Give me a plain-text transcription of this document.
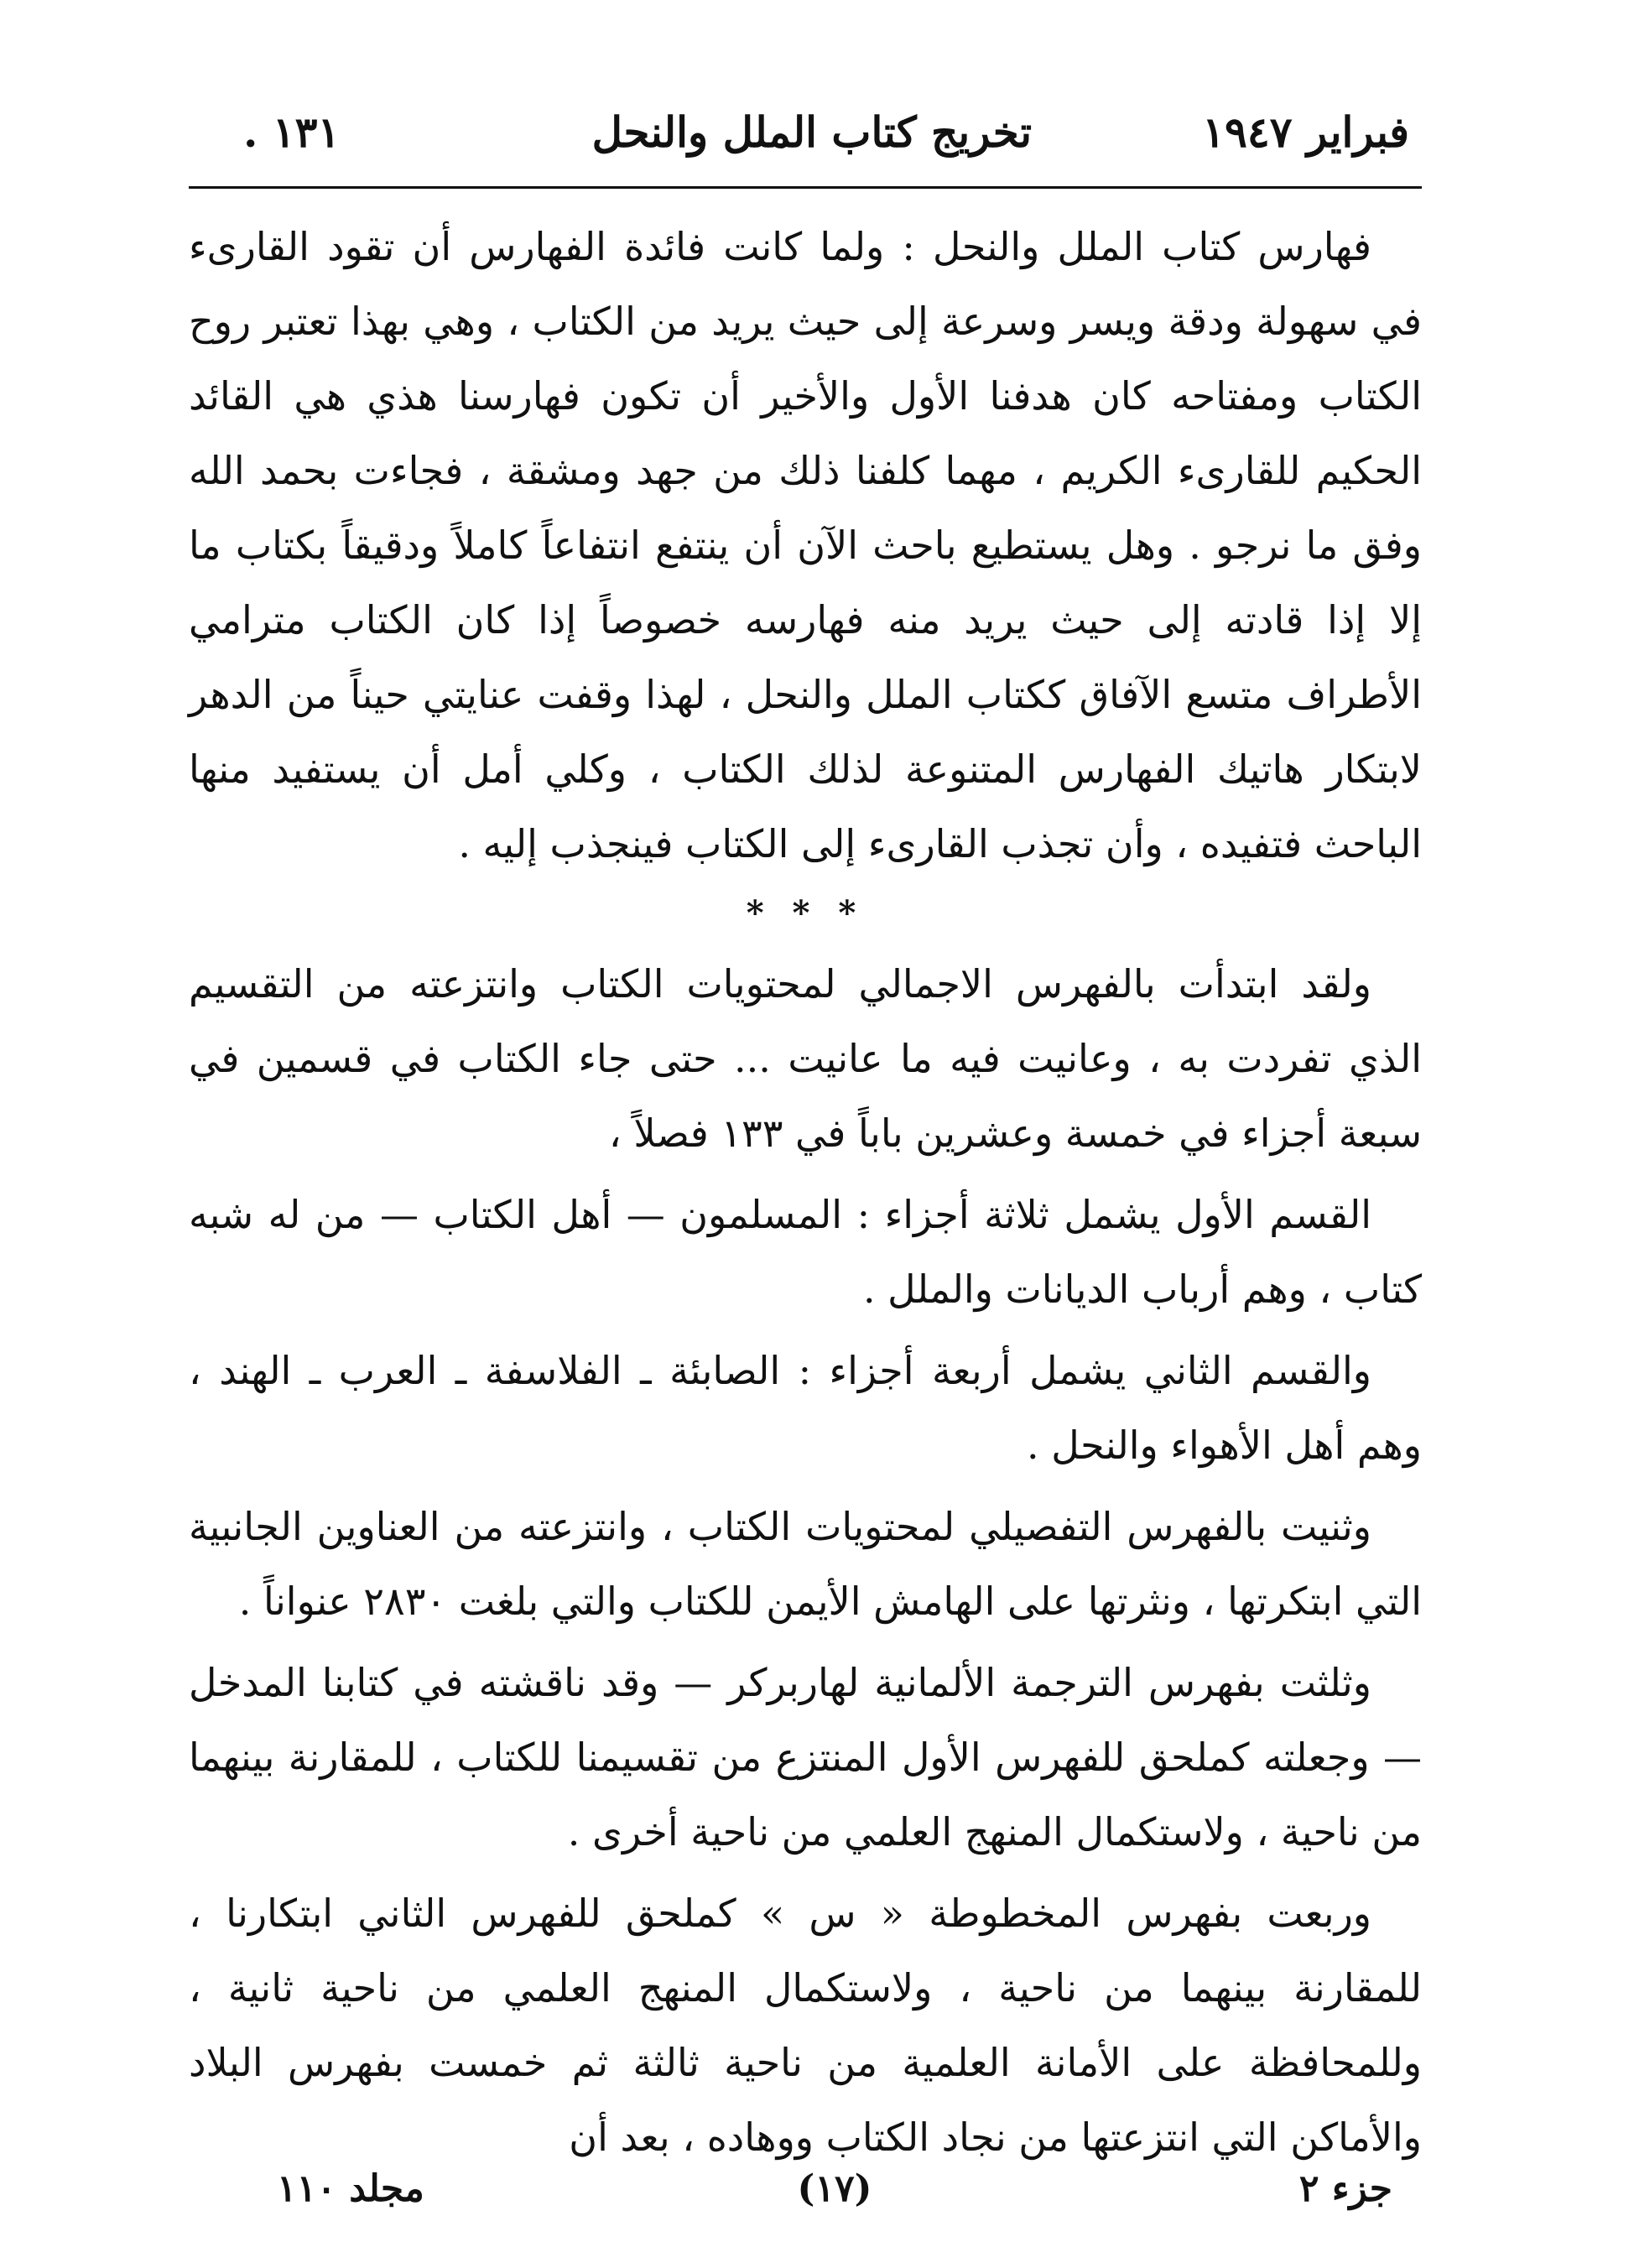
فبراير ١٩٤٧
تخريج كتاب الملل والنحل
١٣١ .

فهارس كتاب الملل والنحل : ولما كانت فائدة الفهارس أن تقود القارىء في سهولة ودقة ويسر وسرعة إلى حيث يريد من الكتاب ، وهي بهذا تعتبر روح الكتاب ومفتاحه كان هدفنا الأول والأخير أن تكون فهارسنا هذي هي القائد الحكيم للقارىء الكريم ، مهما كلفنا ذلك من جهد ومشقة ، فجاءت بحمد الله وفق ما نرجو . وهل يستطيع باحث الآن أن ينتفع انتفاعاً كاملاً ودقيقاً بكتاب ما إلا إذا قادته إلى حيث يريد منه فهارسه خصوصاً إذا كان الكتاب مترامي الأطراف متسع الآفاق ككتاب الملل والنحل ، لهذا وقفت عنايتي حيناً من الدهر لابتكار هاتيك الفهارس المتنوعة لذلك الكتاب ، وكلي أمل أن يستفيد منها الباحث فتفيده ، وأن تجذب القارىء إلى الكتاب فينجذب إليه .

* * *

ولقد ابتدأت بالفهرس الاجمالي لمحتويات الكتاب وانتزعته من التقسيم الذي تفردت به ، وعانيت فيه ما عانيت ... حتى جاء الكتاب في قسمين في سبعة أجزاء في خمسة وعشرين باباً في ١٣٣ فصلاً ،

القسم الأول يشمل ثلاثة أجزاء : المسلمون — أهل الكتاب — من له شبه كتاب ، وهم أرباب الديانات والملل .

والقسم الثاني يشمل أربعة أجزاء : الصابئة ـ الفلاسفة ـ العرب ـ الهند ، وهم أهل الأهواء والنحل .

وثنيت بالفهرس التفصيلي لمحتويات الكتاب ، وانتزعته من العناوين الجانبية التي ابتكرتها ، ونثرتها على الهامش الأيمن للكتاب والتي بلغت ٢٨٣٠ عنواناً .

وثلثت بفهرس الترجمة الألمانية لهاربركر — وقد ناقشته في كتابنا المدخل — وجعلته كملحق للفهرس الأول المنتزع من تقسيمنا للكتاب ، للمقارنة بينهما من ناحية ، ولاستكمال المنهج العلمي من ناحية أخرى .

وربعت بفهرس المخطوطة « س » كملحق للفهرس الثاني ابتكارنا ، للمقارنة بينهما من ناحية ، ولاستكمال المنهج العلمي من ناحية ثانية ، وللمحافظة على الأمانة العلمية من ناحية ثالثة ثم خمست بفهرس البلاد والأماكن التي انتزعتها من نجاد الكتاب ووهاده ، بعد أن

جزء ٢
(١٧)
مجلد ١١٠
